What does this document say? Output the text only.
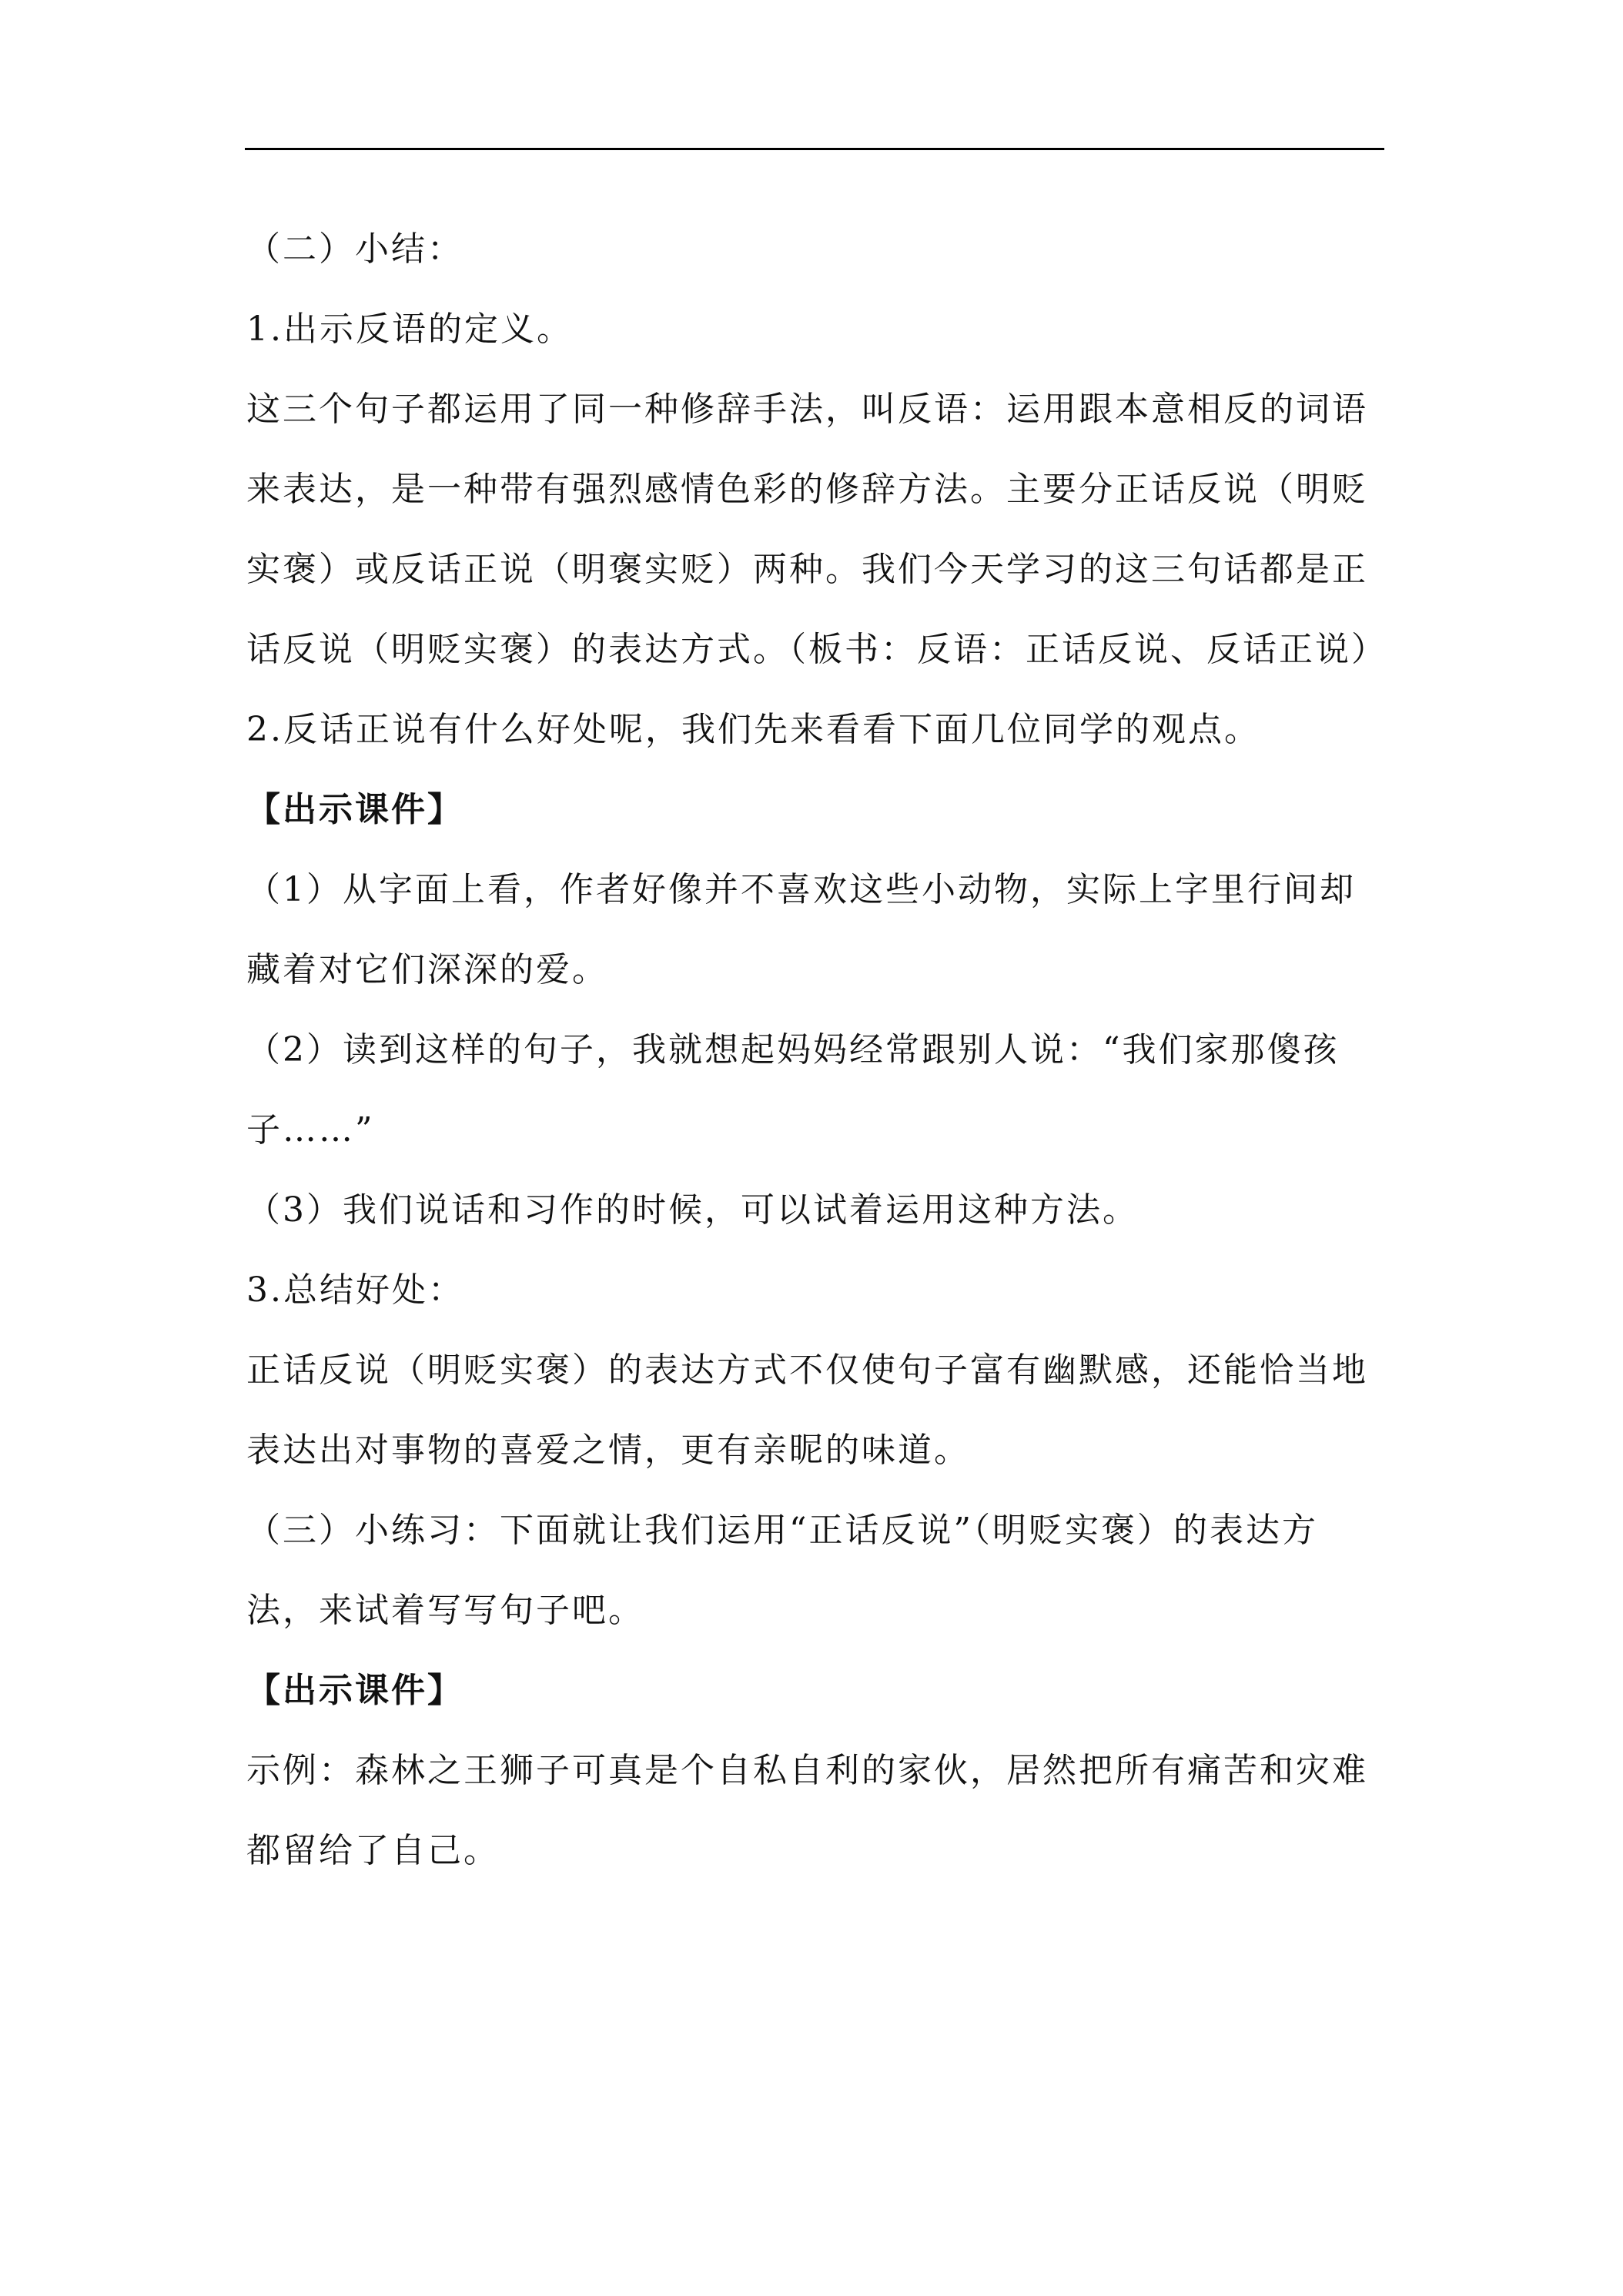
（二）小结：

1.出示反语的定义。

这三个句子都运用了同一种修辞手法，叫反语：运用跟本意相反的词语来表达，是一种带有强烈感情色彩的修辞方法。主要分正话反说（明贬实褒）或反话正说（明褒实贬）两种。我们今天学习的这三句话都是正话反说（明贬实褒）的表达方式。（板书：反语：正话反说、反话正说）

2.反话正说有什么好处呢，我们先来看看下面几位同学的观点。

【出示课件】

（1）从字面上看，作者好像并不喜欢这些小动物，实际上字里行间却藏着对它们深深的爱。

（2）读到这样的句子，我就想起妈妈经常跟别人说：“我们家那傻孩子……”

（3）我们说话和习作的时候，可以试着运用这种方法。

3.总结好处：

正话反说（明贬实褒）的表达方式不仅使句子富有幽默感，还能恰当地表达出对事物的喜爱之情，更有亲昵的味道。

（三）小练习：下面就让我们运用“正话反说”（明贬实褒）的表达方法，来试着写写句子吧。

【出示课件】

示例：森林之王狮子可真是个自私自利的家伙，居然把所有痛苦和灾难都留给了自己。
